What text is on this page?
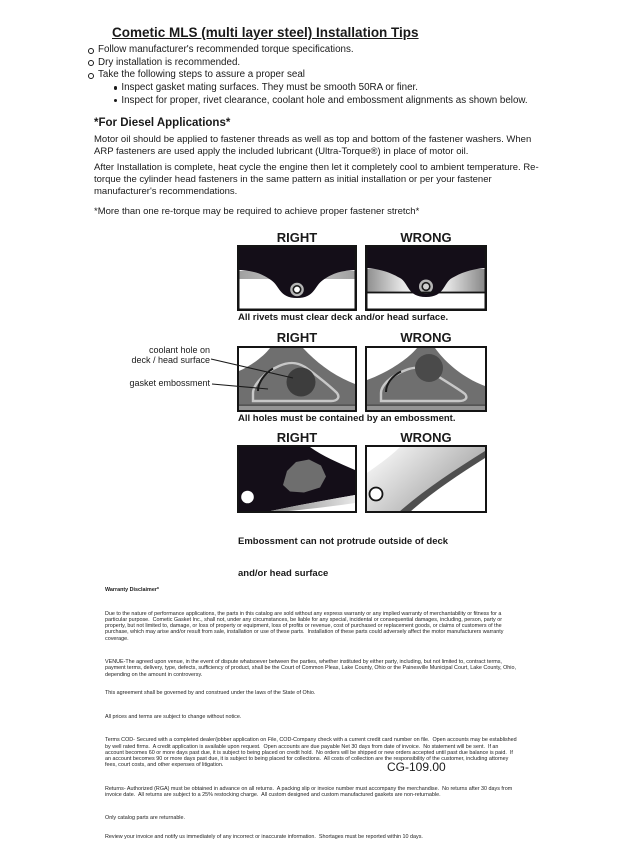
Cometic MLS (multi layer steel) Installation Tips
Follow manufacturer's recommended torque specifications.
Dry installation is recommended.
Take the following steps to assure a proper seal
Inspect gasket mating surfaces. They must be smooth 50RA or finer.
Inspect for proper, rivet clearance, coolant hole and embossment alignments as shown below.
*For Diesel Applications*
Motor oil should be applied to fastener threads as well as top and bottom of the fastener washers. When ARP fasteners are used apply the included lubricant (Ultra-Torque®) in place of motor oil.
After Installation is complete, heat cycle the engine then let it completely cool to ambient temperature. Re-torque the cylinder head fasteners in the same pattern as initial installation or per your fastener manufacturer's recommendations.
*More than one re-torque may be required to achieve proper fastener stretch*
RIGHT	WRONG
All rivets must clear deck and/or head surface.
RIGHT	WRONG
coolant hole on
deck / head surface
gasket embossment
All holes must be contained by an embossment.
RIGHT	WRONG

Embossment can not protrude outside of deck

and/or head surface

Warranty Disclaimer*

Due to the nature of performance applications, the parts in this catalog are sold without any express warranty or any implied warranty of merchantability or fitness for a particular purpose.  Cometic Gasket Inc., shall not, under any circumstances, be liable for any special, incidental or consequential damages, including, person, party or property, but not limited to, damage, or loss of property or equipment, loss of profits or revenue, cost of purchased or replacement goods, or claims of customers of the purchase, which may arise and/or result from sale, installation or use of these parts.  Installation of these parts could adversely affect the motor manufacturers warranty coverage.

VENUE-The agreed upon venue, in the event of dispute whatsoever between the parties, whether instituted by either party, including, but not limited to, contract terms, payment terms, delivery, type, defects, sufficiency of product, shall be the Court of Common Pleas, Lake County, Ohio or the Painesville Municipal Court, Lake County, Ohio, depending on the amount in controversy.

This agreement shall be governed by and construed under the laws of the State of Ohio.

All prices and terms are subject to change without notice.

Terms COD- Secured with a completed dealer/jobber application on File, COD-Company check with a current credit card number on file.  Open accounts may be established by well rated firms.  A credit application is available upon request.  Open accounts are due payable Net 30 days from date of invoice.  No statement will be sent.  If an account becomes 60 or more days past due, it is subject to being placed on credit hold.  No orders will be shipped or new orders accepted until past due balance is paid.  If an account becomes 90 or more days past due, it is subject to being placed for collections.  All costs of collection are the responsibility of the customer, including attorney fees, court costs, and other expenses of litigation.

Returns- Authorized (RGA) must be obtained in advance on all returns.  A packing slip or invoice number must accompany the merchandise.  No returns after 30 days from invoice date.  All returns are subject to a 25% restocking charge.  All custom designed and custom manufactured gaskets are non-returnable.

Only catalog parts are returnable.

Review your invoice and notify us immediately of any incorrect or inaccurate information.  Shortages must be reported within 10 days.

CG-109.00
